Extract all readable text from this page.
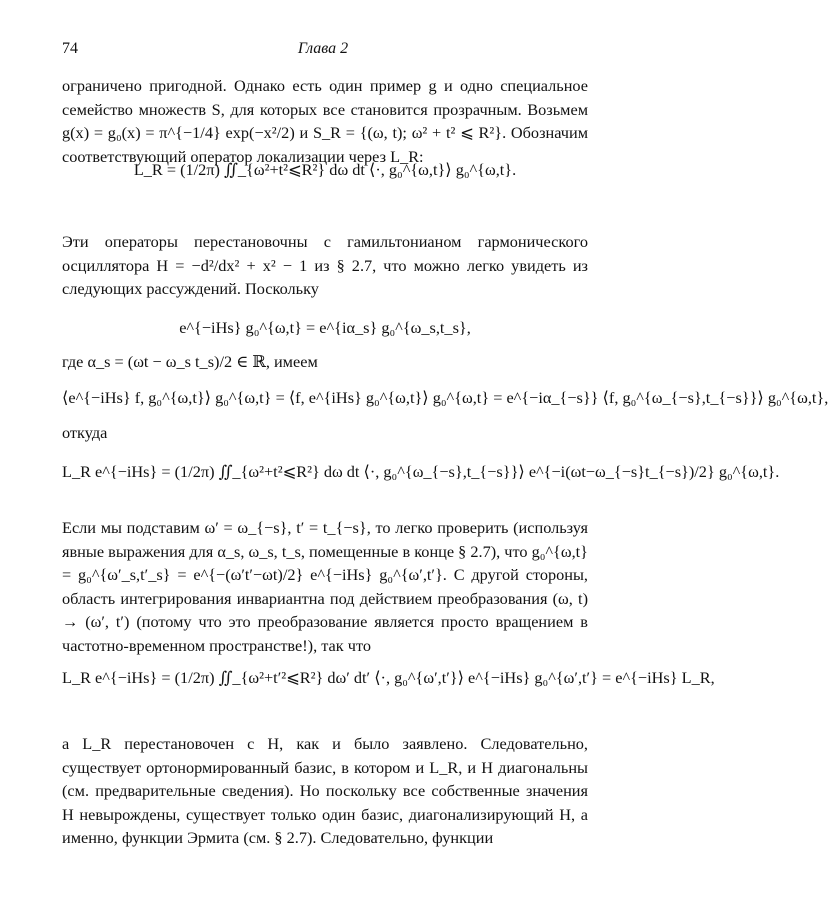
74	Глава 2
ограничено пригодной. Однако есть один пример g и одно специальное семейство множеств S, для которых все становится прозрачным. Возьмем g(x) = g₀(x) = π^{−1/4} exp(−x²/2) и S_R = {(ω, t); ω² + t² ⩽ R²}. Обозначим соответствующий оператор локализации через L_R:
L_R = (1/2π) ∬_{ω²+t²⩽R²} dω dt ⟨·, g₀^{ω,t}⟩ g₀^{ω,t}.
Эти операторы перестановочны с гамильтонианом гармонического осциллятора H = −d²/dx² + x² − 1 из § 2.7, что можно легко увидеть из следующих рассуждений. Поскольку
e^{−iHs} g₀^{ω,t} = e^{iα_s} g₀^{ω_s,t_s},
где α_s = (ωt − ω_s t_s)/2 ∈ ℝ, имеем
⟨e^{−iHs} f, g₀^{ω,t}⟩ g₀^{ω,t} = ⟨f, e^{iHs} g₀^{ω,t}⟩ g₀^{ω,t} = e^{−iα_{−s}} ⟨f, g₀^{ω_{−s},t_{−s}}⟩ g₀^{ω,t},
откуда
L_R e^{−iHs} = (1/2π) ∬_{ω²+t²⩽R²} dω dt ⟨·, g₀^{ω_{−s},t_{−s}}⟩ e^{−i(ωt−ω_{−s}t_{−s})/2} g₀^{ω,t}.
Если мы подставим ω′ = ω_{−s}, t′ = t_{−s}, то легко проверить (используя явные выражения для α_s, ω_s, t_s, помещенные в конце § 2.7), что g₀^{ω,t} = g₀^{ω′_s,t′_s} = e^{−(ω′t′−ωt)/2} e^{−iHs} g₀^{ω′,t′}. С другой стороны, область интегрирования инвариантна под действием преобразования (ω, t) → (ω′, t′) (потому что это преобразование является просто вращением в частотно-временном пространстве!), так что
L_R e^{−iHs} = (1/2π) ∬_{ω²+t′²⩽R²} dω′ dt′ ⟨·, g₀^{ω′,t′}⟩ e^{−iHs} g₀^{ω′,t′} = e^{−iHs} L_R,
а L_R перестановочен с H, как и было заявлено. Следовательно, существует ортонормированный базис, в котором и L_R, и H диагональны (см. предварительные сведения). Но поскольку все собственные значения H невырождены, существует только один базис, диагонализирующий H, а именно, функции Эрмита (см. § 2.7). Следовательно, функции
